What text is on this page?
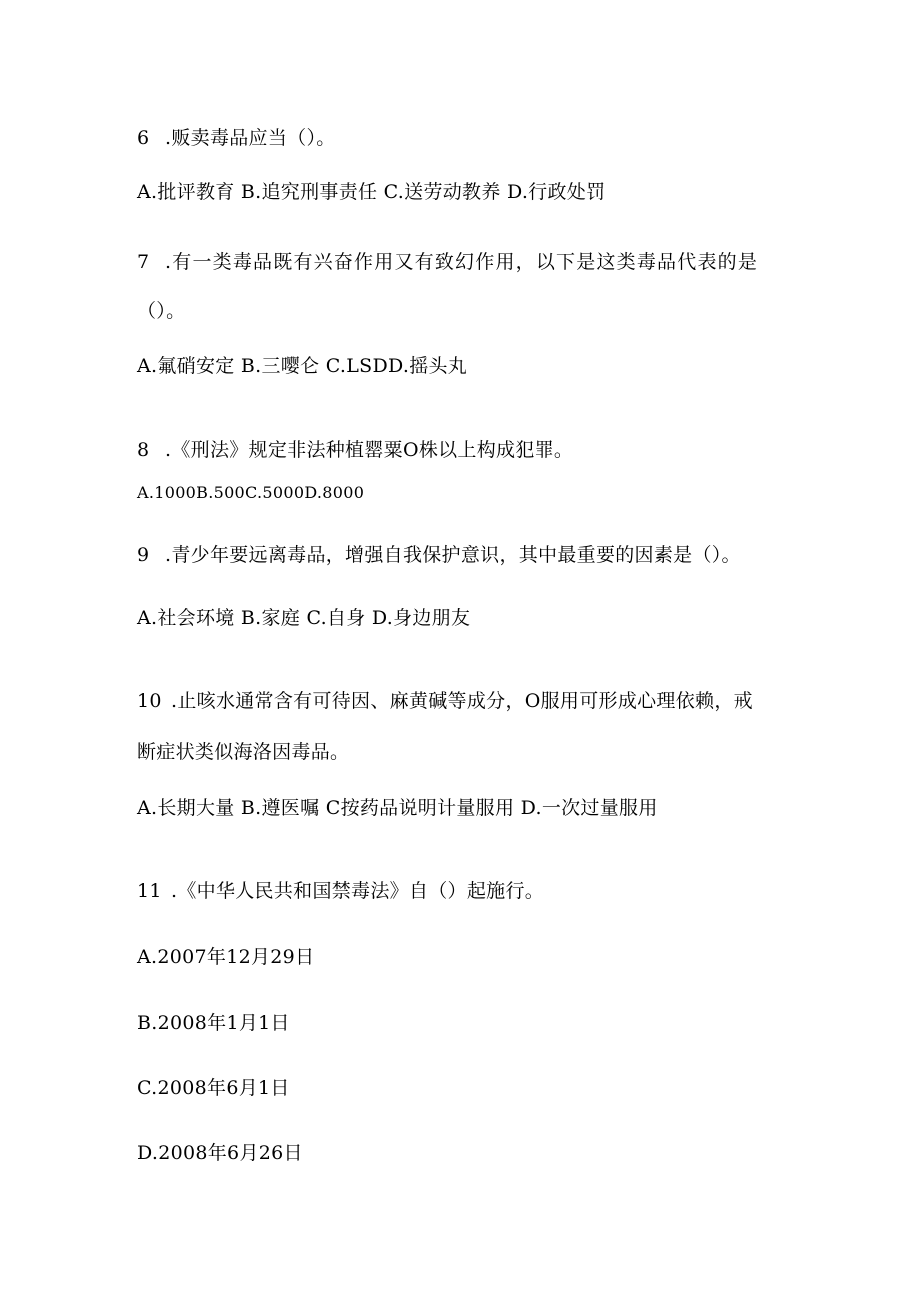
6 .贩卖毒品应当（）。
A.批评教育 B.追究刑事责任 C.送劳动教养 D.行政处罚
7 .有一类毒品既有兴奋作用又有致幻作用，以下是这类毒品代表的是
（）。
A.氟硝安定 B.三嘤仑 C.LSDD.摇头丸
8 .《刑法》规定非法种植罂粟O株以上构成犯罪。
A.1000B.500C.5000D.8000
9 .青少年要远离毒品，增强自我保护意识，其中最重要的因素是（）。
A.社会环境 B.家庭 C.自身 D.身边朋友
10 .止咳水通常含有可待因、麻黄碱等成分，O服用可形成心理依赖，戒
断症状类似海洛因毒品。
A.长期大量 B.遵医嘱 C按药品说明计量服用 D.一次过量服用
11 .《中华人民共和国禁毒法》自（）起施行。
A.2007年12月29日
B.2008年1月1日
C.2008年6月1日
D.2008年6月26日
